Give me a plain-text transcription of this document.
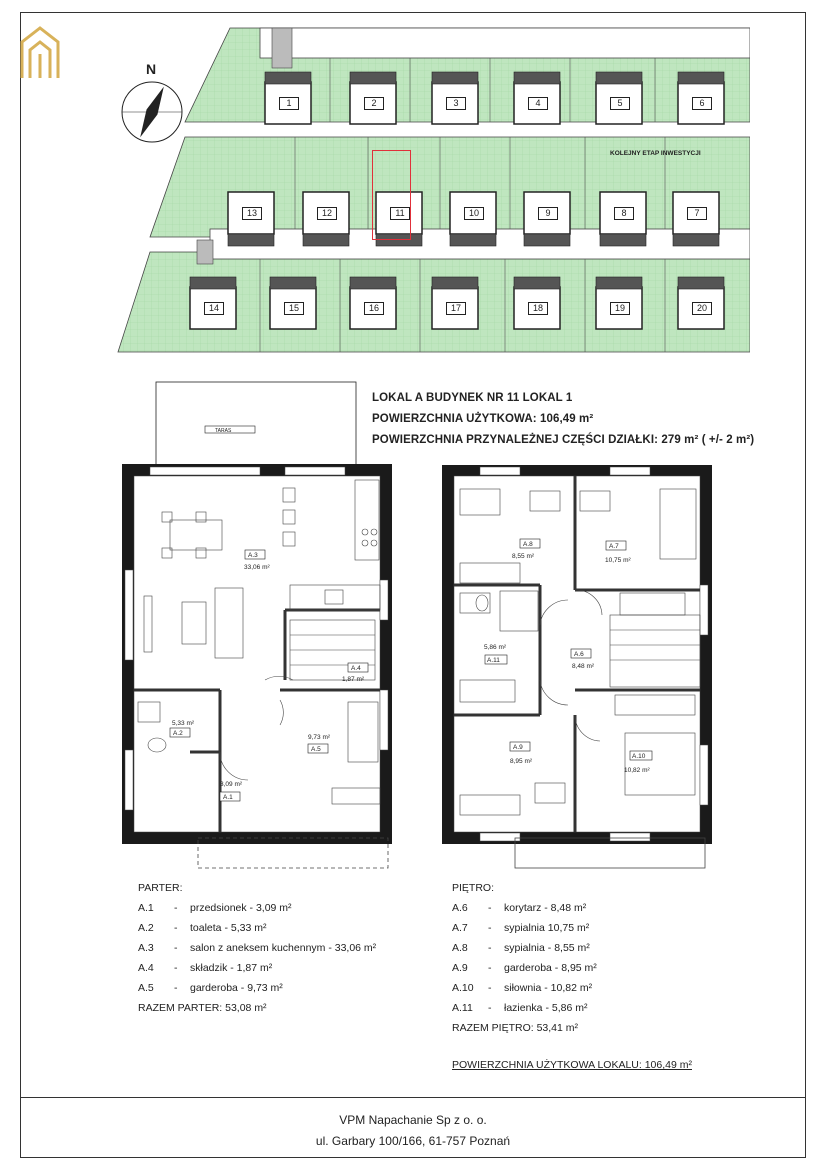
N
KOLEJNY ETAP INWESTYCJI
1	2	3	4	5	6
13	12	11	10	9	8	7
14	15	16	17	18	19	20
LOKAL A BUDYNEK NR 11 LOKAL 1
POWIERZCHNIA UŻYTKOWA: 106,49 m²
POWIERZCHNIA PRZYNALEŻNEJ CZĘŚCI DZIAŁKI: 279 m² ( +/- 2 m²)
TARAS
A.3
33,06 m²
A.4
1,87 m²
A.2
5,33 m²
A.5
9,73 m²
A.1
3,09 m²
A.8
8,55 m²
A.7
10,75 m²
A.11
5,86 m²
A.6
8,48 m²
A.9
8,95 m²
A.10
10,82 m²
PARTER:
A.1	-	przedsionek - 3,09 m²
A.2	-	toaleta - 5,33 m²
A.3	-	salon z aneksem kuchennym - 33,06 m²
A.4	-	składzik - 1,87 m²
A.5	-	garderoba - 9,73 m²
RAZEM PARTER: 53,08 m²
PIĘTRO:
A.6	-	korytarz - 8,48 m²
A.7	-	sypialnia 10,75 m²
A.8	-	sypialnia - 8,55 m²
A.9	-	garderoba - 8,95 m²
A.10	-	siłownia - 10,82 m²
A.11	-	łazienka - 5,86 m²
RAZEM PIĘTRO: 53,41 m²
POWIERZCHNIA UŻYTKOWA LOKALU: 106,49 m²
VPM Napachanie Sp z o. o.
ul. Garbary 100/166, 61-757 Poznań
